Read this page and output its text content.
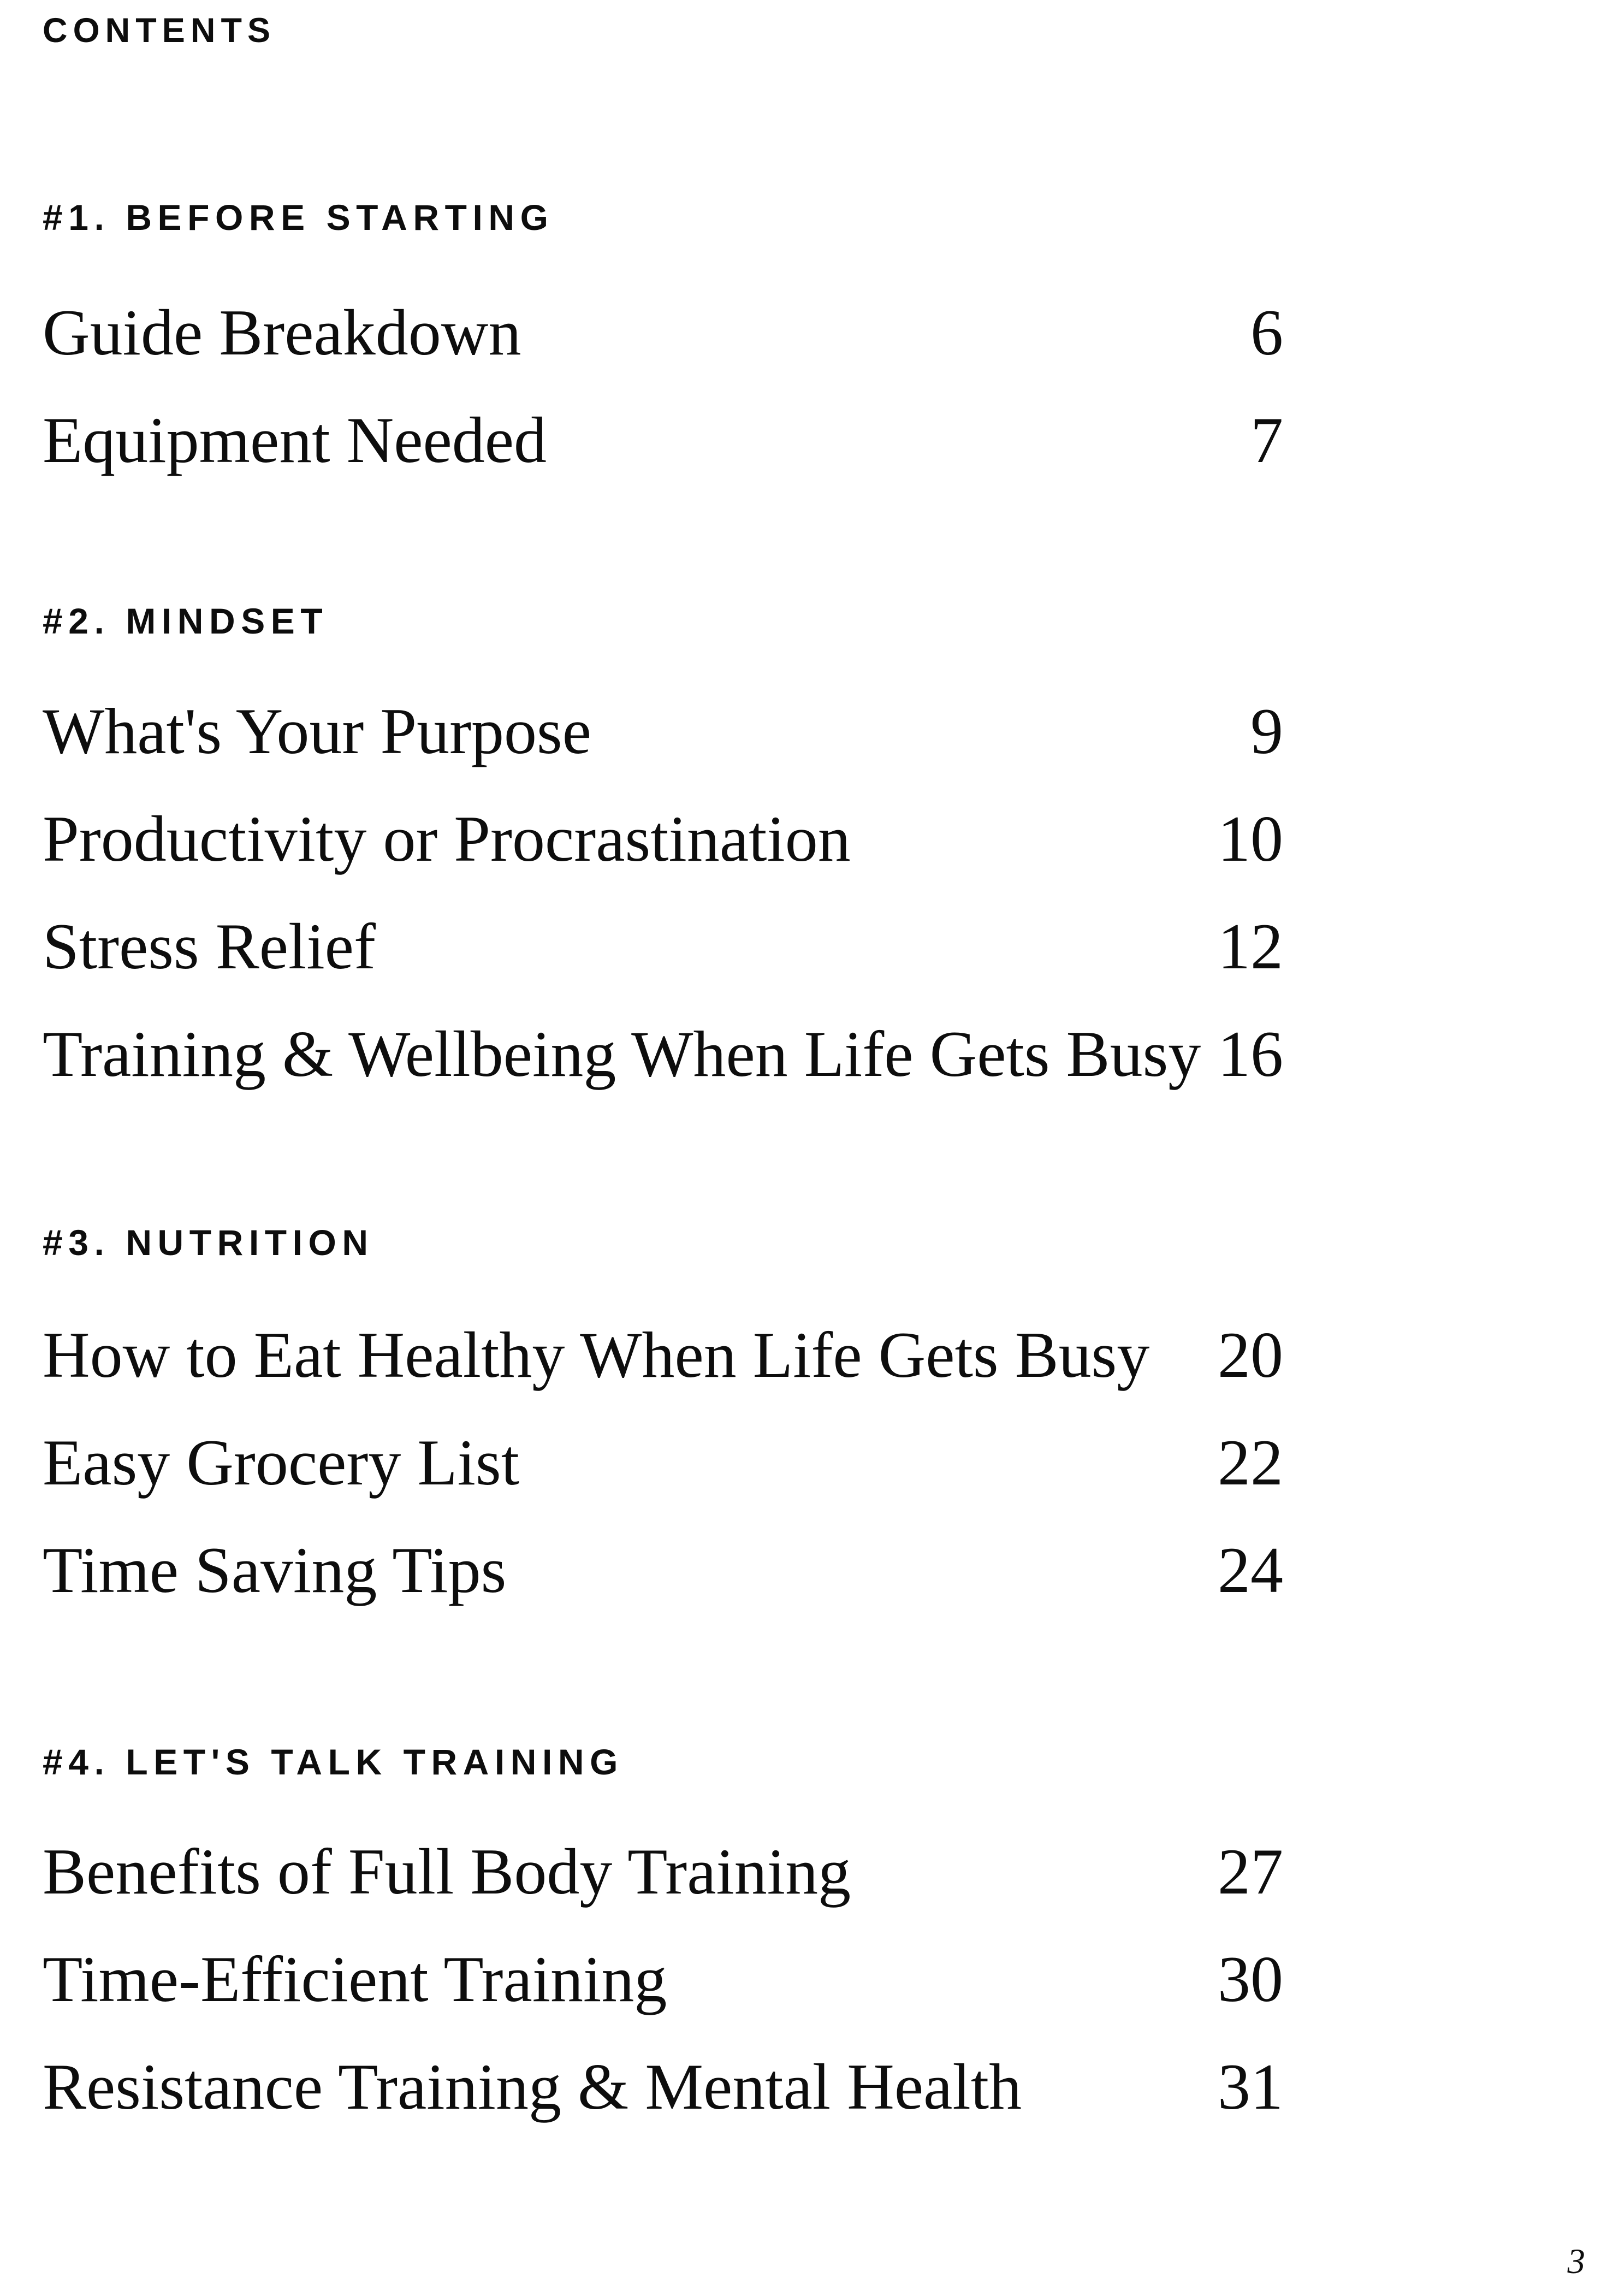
CONTENTS
#1. BEFORE STARTING
Guide Breakdown	6
Equipment Needed	7
#2. MINDSET
What's Your Purpose	9
Productivity or Procrastination	10
Stress Relief	12
Training & Wellbeing When Life Gets Busy 16
#3. NUTRITION
How to Eat Healthy When Life Gets Busy 20
Easy Grocery List	22
Time Saving Tips	24
#4. LET'S TALK TRAINING
Benefits of Full Body Training	27
Time-Efficient Training	30
Resistance Training & Mental Health	31
3
